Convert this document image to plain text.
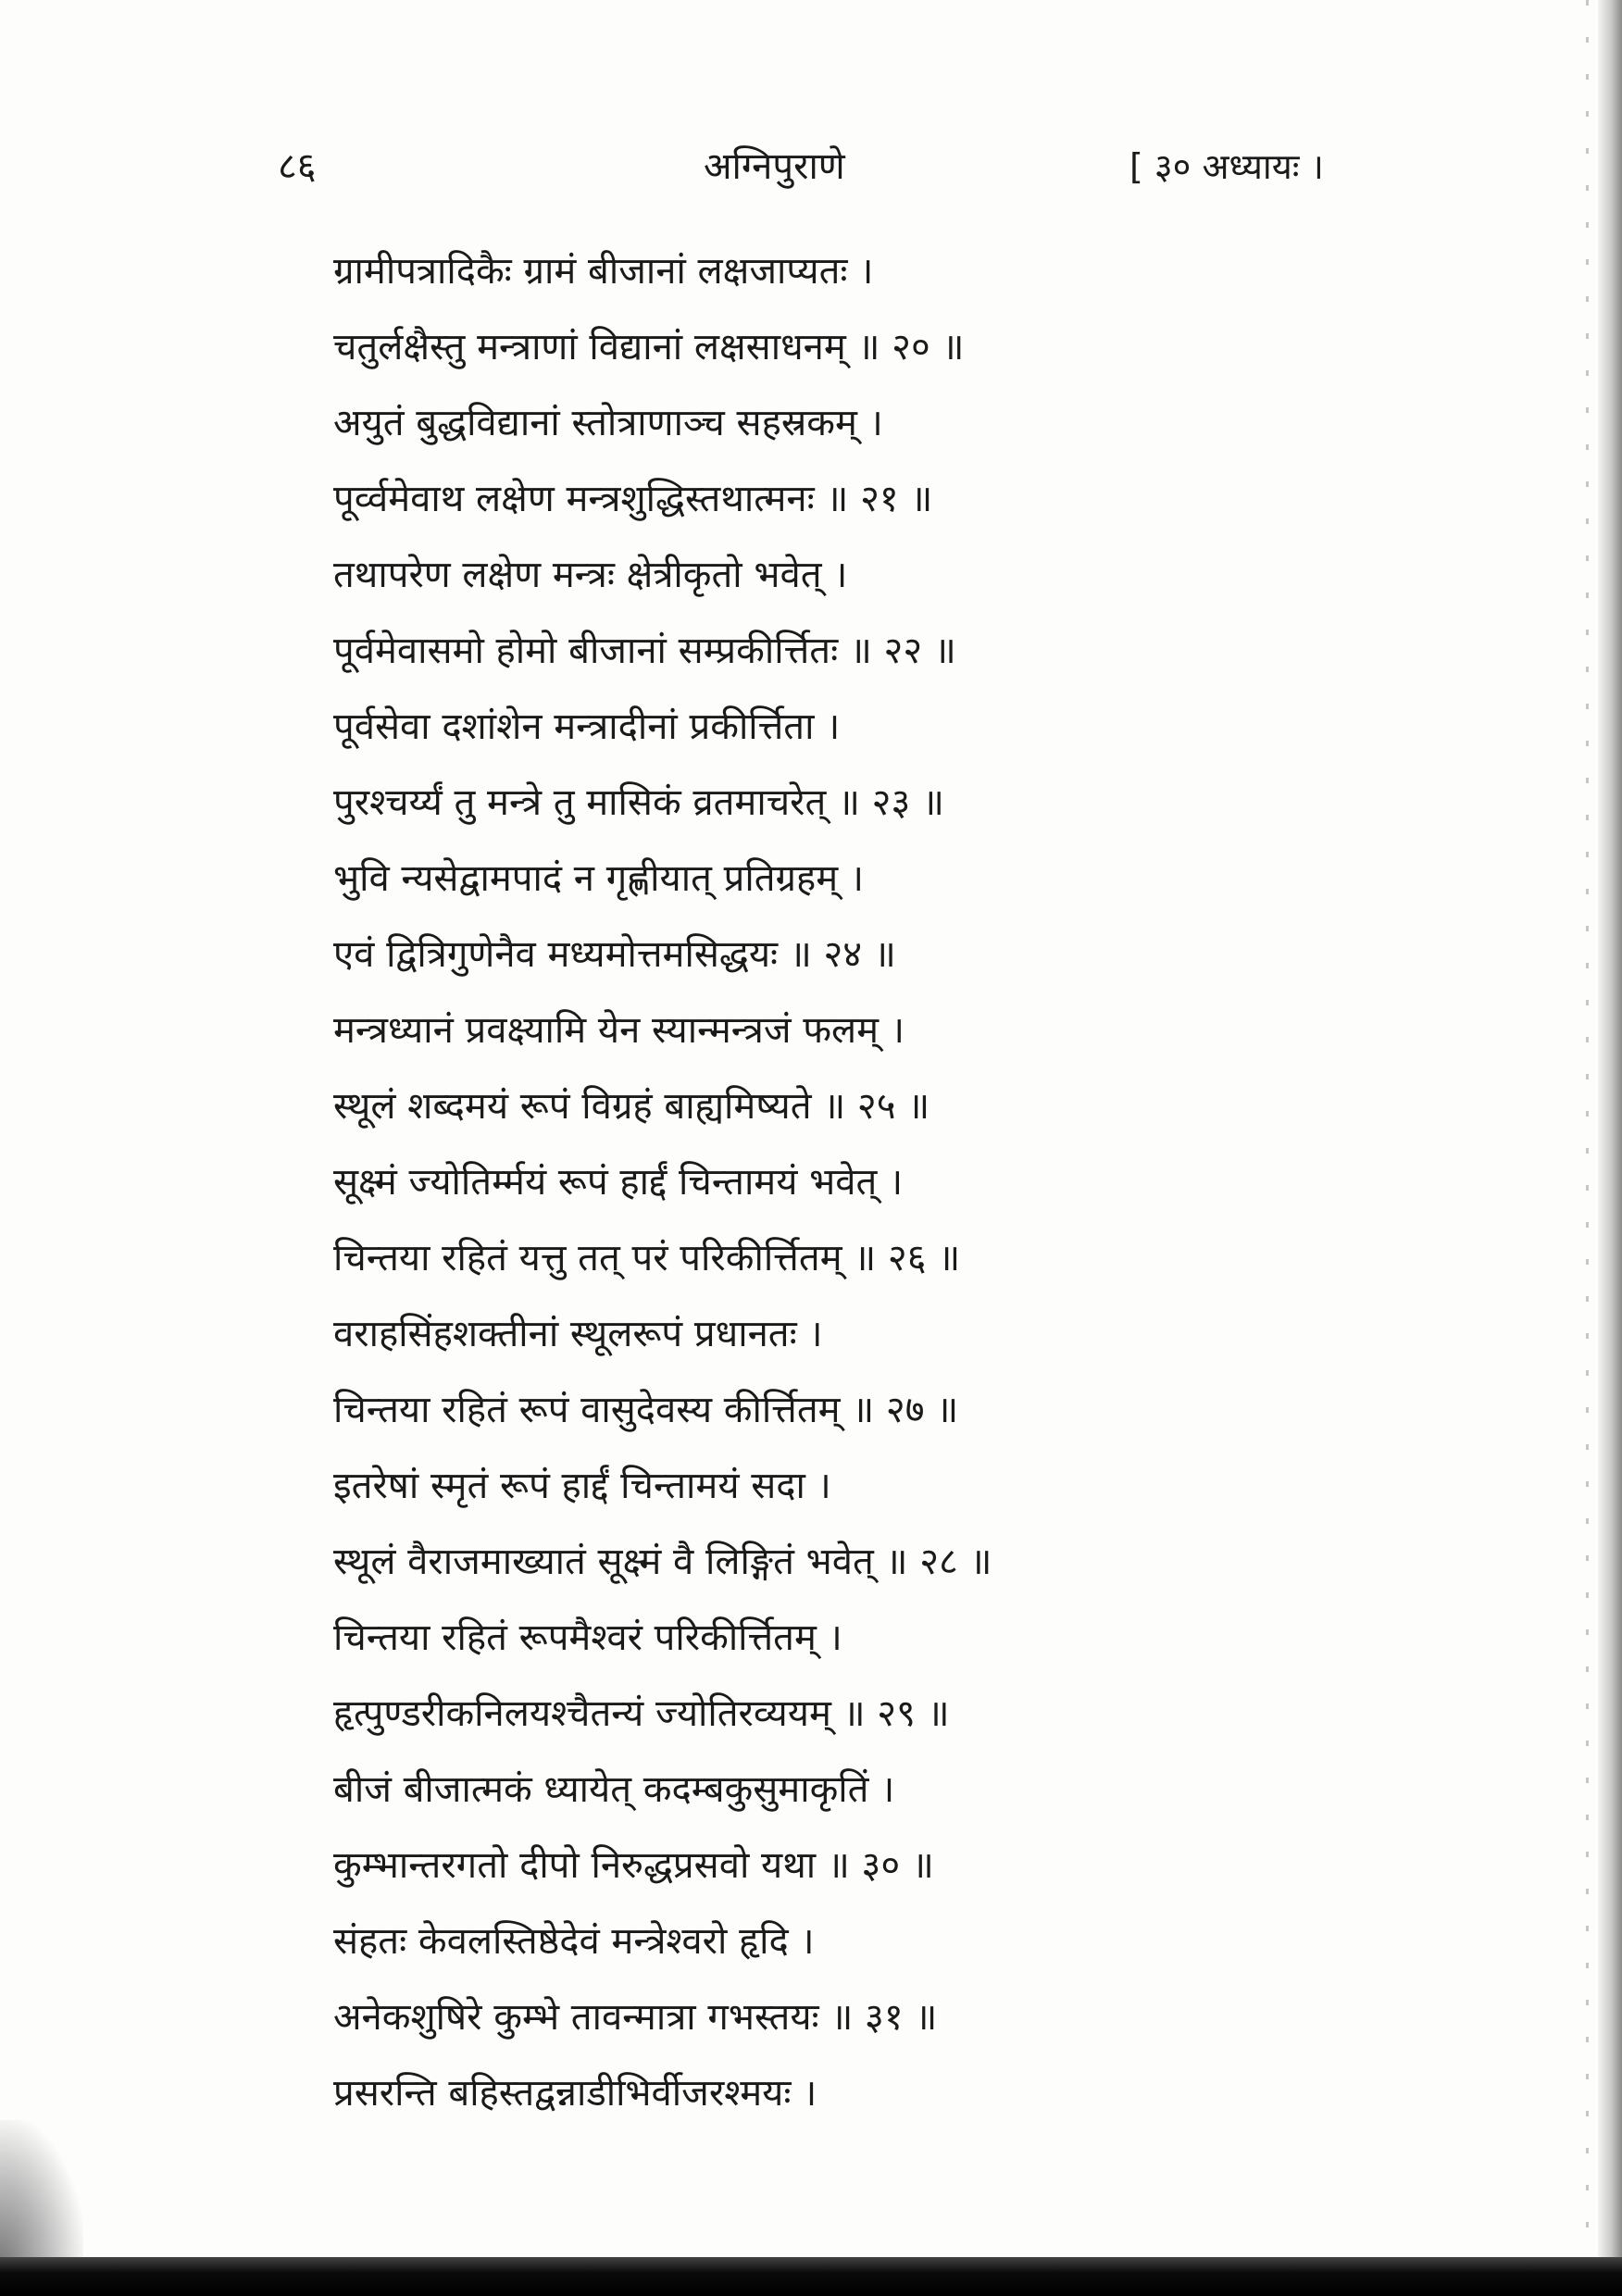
८६	अग्निपुराणे	[ ३० अध्यायः ।
ग्रामीपत्रादिकैः ग्रामं बीजानां लक्षजाप्यतः ।
चतुर्लक्षैस्तु मन्त्राणां विद्यानां लक्षसाधनम् ॥ २० ॥
अयुतं बुद्धविद्यानां स्तोत्राणाञ्च सहस्रकम् ।
पूर्व्वमेवाथ लक्षेण मन्त्रशुद्धिस्तथात्मनः ॥ २१ ॥
तथापरेण लक्षेण मन्त्रः क्षेत्रीकृतो भवेत् ।
पूर्वमेवासमो होमो बीजानां सम्प्रकीर्त्तितः ॥ २२ ॥
पूर्वसेवा दशांशेन मन्त्रादीनां प्रकीर्त्तिता ।
पुरश्चर्य्यं तु मन्त्रे तु मासिकं व्रतमाचरेत् ॥ २३ ॥
भुवि न्यसेद्वामपादं न गृह्णीयात् प्रतिग्रहम् ।
एवं द्वित्रिगुणेनैव मध्यमोत्तमसिद्धयः ॥ २४ ॥
मन्त्रध्यानं प्रवक्ष्यामि येन स्यान्मन्त्रजं फलम् ।
स्थूलं शब्दमयं रूपं विग्रहं बाह्यमिष्यते ॥ २५ ॥
सूक्ष्मं ज्योतिर्म्मयं रूपं हार्द्दं चिन्तामयं भवेत् ।
चिन्तया रहितं यत्तु तत् परं परिकीर्त्तितम् ॥ २६ ॥
वराहसिंहशक्तीनां स्थूलरूपं प्रधानतः ।
चिन्तया रहितं रूपं वासुदेवस्य कीर्त्तितम् ॥ २७ ॥
इतरेषां स्मृतं रूपं हार्द्दं चिन्तामयं सदा ।
स्थूलं वैराजमाख्यातं सूक्ष्मं वै लिङ्गितं भवेत् ॥ २८ ॥
चिन्तया रहितं रूपमैश्वरं परिकीर्त्तितम् ।
हृत्पुण्डरीकनिलयश्चैतन्यं ज्योतिरव्ययम् ॥ २९ ॥
बीजं बीजात्मकं ध्यायेत् कदम्बकुसुमाकृतिं ।
कुम्भान्तरगतो दीपो निरुद्धप्रसवो यथा ॥ ३० ॥
संहतः केवलस्तिष्ठेदेवं मन्त्रेश्वरो हृदि ।
अनेकशुषिरे कुम्भे तावन्मात्रा गभस्तयः ॥ ३१ ॥
प्रसरन्ति बहिस्तद्वन्नाडीभिर्वीजरश्मयः ।
